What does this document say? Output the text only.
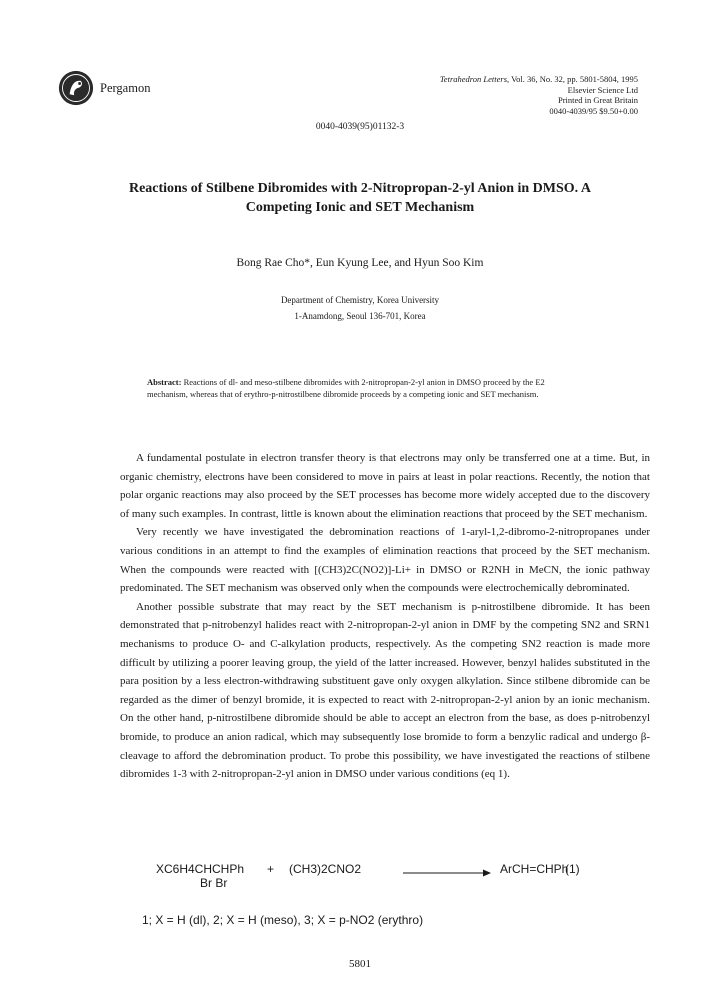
Pergamon
Tetrahedron Letters, Vol. 36, No. 32, pp. 5801-5804, 1995
Elsevier Science Ltd
Printed in Great Britain
0040-4039/95 $9.50+0.00
0040-4039(95)01132-3
Reactions of Stilbene Dibromides with 2-Nitropropan-2-yl Anion in DMSO. A
Competing Ionic and SET Mechanism
Bong Rae Cho*, Eun Kyung Lee, and Hyun Soo Kim
Department of Chemistry, Korea University
1-Anamdong, Seoul 136-701, Korea
Abstract: Reactions of dl- and meso-stilbene dibromides with 2-nitropropan-2-yl anion in DMSO proceed by the E2 mechanism, whereas that of erythro-p-nitrostilbene dibromide proceeds by a competing ionic and SET mechanism.

A fundamental postulate in electron transfer theory is that electrons may only be transferred one at a time. But, in organic chemistry, electrons have been considered to move in pairs at least in polar reactions. Recently, the notion that polar organic reactions may also proceed by the SET processes has become more widely accepted due to the discovery of many such examples. In contrast, little is known about the elimination reactions that proceed by the SET mechanism.

Very recently we have investigated the debromination reactions of 1-aryl-1,2-dibromo-2-nitropropanes under various conditions in an attempt to find the examples of elimination reactions that proceed by the SET mechanism. When the compounds were reacted with [(CH3)2C(NO2)]-Li+ in DMSO or R2NH in MeCN, the ionic pathway predominated. The SET mechanism was observed only when the compounds were electrochemically debrominated.

Another possible substrate that may react by the SET mechanism is p-nitrostilbene dibromide. It has been demonstrated that p-nitrobenzyl halides react with 2-nitropropan-2-yl anion in DMF by the competing SN2 and SRN1 mechanisms to produce O- and C-alkylation products, respectively. As the competing SN2 reaction is made more difficult by utilizing a poorer leaving group, the yield of the latter increased. However, benzyl halides substituted in the para position by a less electron-withdrawing substituent gave only oxygen alkylation. Since stilbene dibromide can be regarded as the dimer of benzyl bromide, it is expected to react with 2-nitropropan-2-yl anion by an ionic mechanism. On the other hand, p-nitrostilbene dibromide should be able to accept an electron from the base, as does p-nitrobenzyl bromide, to produce an anion radical, which may subsequently lose bromide to form a benzylic radical and undergo β-cleavage to afford the debromination product. To probe this possibility, we have investigated the reactions of stilbene dibromides 1-3 with 2-nitropropan-2-yl anion in DMSO under various conditions (eq 1).

XC6H4CHCHPh
Br Br
+ (CH3)2CNO2	ArCH=CHPh
(1)
1; X = H (dl), 2; X = H (meso), 3; X = p-NO2 (erythro)
5801
